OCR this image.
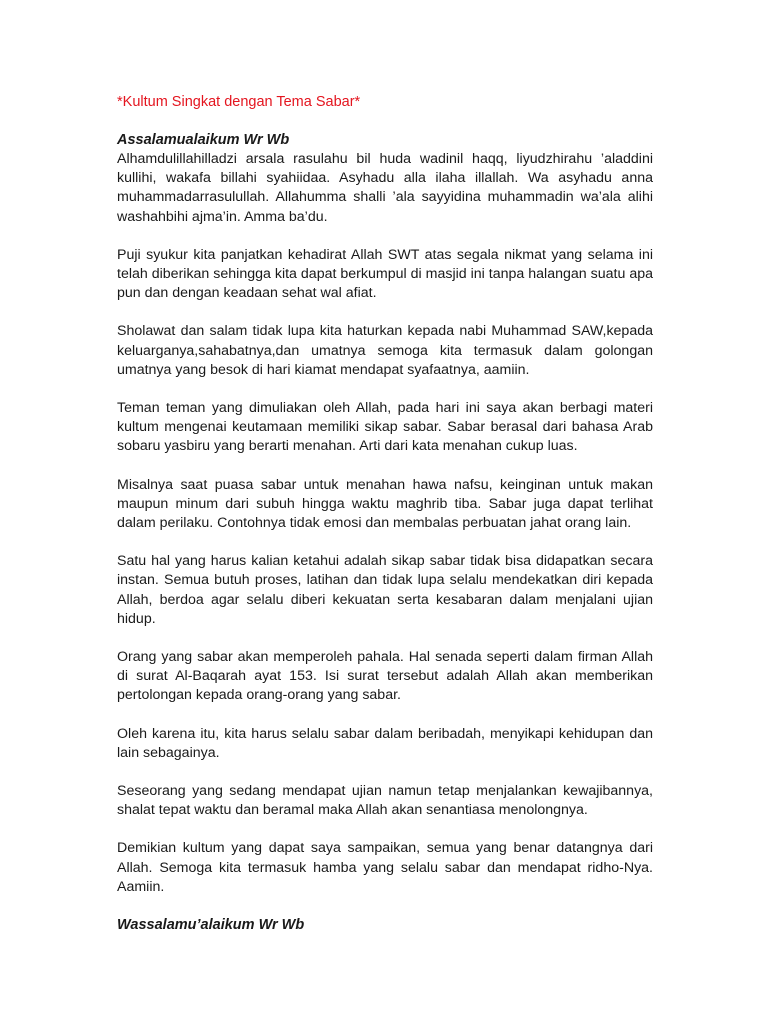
*Kultum Singkat dengan Tema Sabar*

Assalamualaikum Wr Wb

Alhamdulillahilladzi arsala rasulahu bil huda wadinil haqq, liyudzhirahu ’aladdini kullihi, wakafa billahi syahiidaa. Asyhadu alla ilaha illallah. Wa asyhadu anna muhammadarrasulullah. Allahumma shalli ’ala sayyidina muhammadin wa’ala alihi washahbihi ajma’in. Amma ba’du.

Puji syukur kita panjatkan kehadirat Allah SWT atas segala nikmat yang selama ini telah diberikan sehingga kita dapat berkumpul di masjid ini tanpa halangan suatu apa pun dan dengan keadaan sehat wal afiat.

Sholawat dan salam tidak lupa kita haturkan kepada nabi Muhammad SAW,kepada keluarganya,sahabatnya,dan umatnya semoga kita termasuk dalam golongan umatnya yang besok di hari kiamat mendapat syafaatnya, aamiin.

Teman teman yang dimuliakan oleh Allah, pada hari ini saya akan berbagi materi kultum mengenai keutamaan memiliki sikap sabar. Sabar berasal dari bahasa Arab sobaru yasbiru yang berarti menahan. Arti dari kata menahan cukup luas.

Misalnya saat puasa sabar untuk menahan hawa nafsu, keinginan untuk makan maupun minum dari subuh hingga waktu maghrib tiba. Sabar juga dapat terlihat dalam perilaku. Contohnya tidak emosi dan membalas perbuatan jahat orang lain.

Satu hal yang harus kalian ketahui adalah sikap sabar tidak bisa didapatkan secara instan. Semua butuh proses, latihan dan tidak lupa selalu mendekatkan diri kepada Allah, berdoa agar selalu diberi kekuatan serta kesabaran dalam menjalani ujian hidup.

Orang yang sabar akan memperoleh pahala. Hal senada seperti dalam firman Allah di surat Al-Baqarah ayat 153. Isi surat tersebut adalah Allah akan memberikan pertolongan kepada orang-orang yang sabar.

Oleh karena itu, kita harus selalu sabar dalam beribadah, menyikapi kehidupan dan lain sebagainya.

Seseorang yang sedang mendapat ujian namun tetap menjalankan kewajibannya, shalat tepat waktu dan beramal maka Allah akan senantiasa menolongnya.

Demikian kultum yang dapat saya sampaikan, semua yang benar datangnya dari Allah. Semoga kita termasuk hamba yang selalu sabar dan mendapat ridho-Nya. Aamiin.

Wassalamu’alaikum Wr Wb
